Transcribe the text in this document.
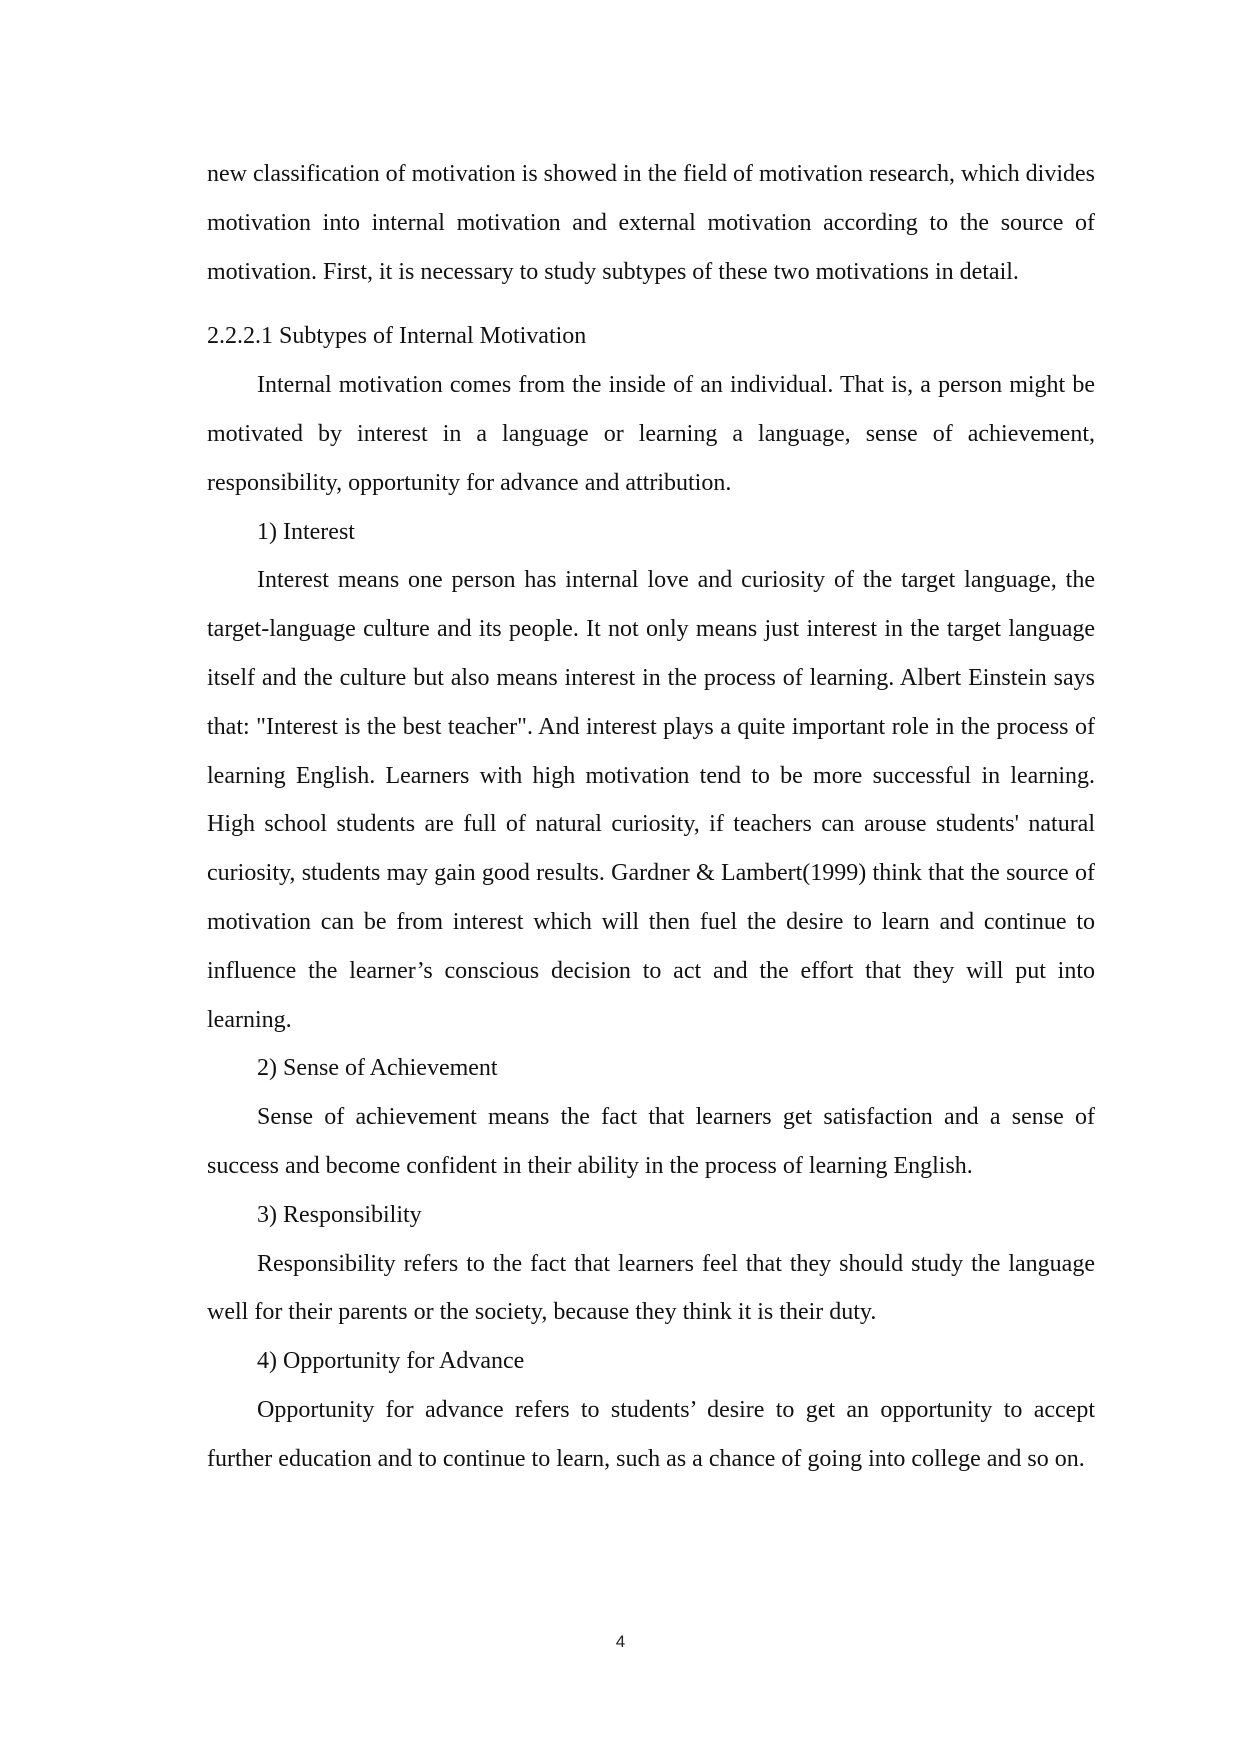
new classification of motivation is showed in the field of motivation research, which divides motivation into internal motivation and external motivation according to the source of motivation. First, it is necessary to study subtypes of these two motivations in detail.

2.2.2.1 Subtypes of Internal Motivation

Internal motivation comes from the inside of an individual. That is, a person might be motivated by interest in a language or learning a language, sense of achievement, responsibility, opportunity for advance and attribution.

1) Interest

Interest means one person has internal love and curiosity of the target language, the target-language culture and its people. It not only means just interest in the target language itself and the culture but also means interest in the process of learning. Albert Einstein says that: "Interest is the best teacher". And interest plays a quite important role in the process of learning English. Learners with high motivation tend to be more successful in learning. High school students are full of natural curiosity, if teachers can arouse students' natural curiosity, students may gain good results. Gardner & Lambert(1999) think that the source of motivation can be from interest which will then fuel the desire to learn and continue to influence the learner’s conscious decision to act and the effort that they will put into learning.

2) Sense of Achievement

Sense of achievement means the fact that learners get satisfaction and a sense of success and become confident in their ability in the process of learning English.

3) Responsibility

Responsibility refers to the fact that learners feel that they should study the language well for their parents or the society, because they think it is their duty.

4) Opportunity for Advance

Opportunity for advance refers to students’ desire to get an opportunity to accept further education and to continue to learn, such as a chance of going into college and so on.

4
